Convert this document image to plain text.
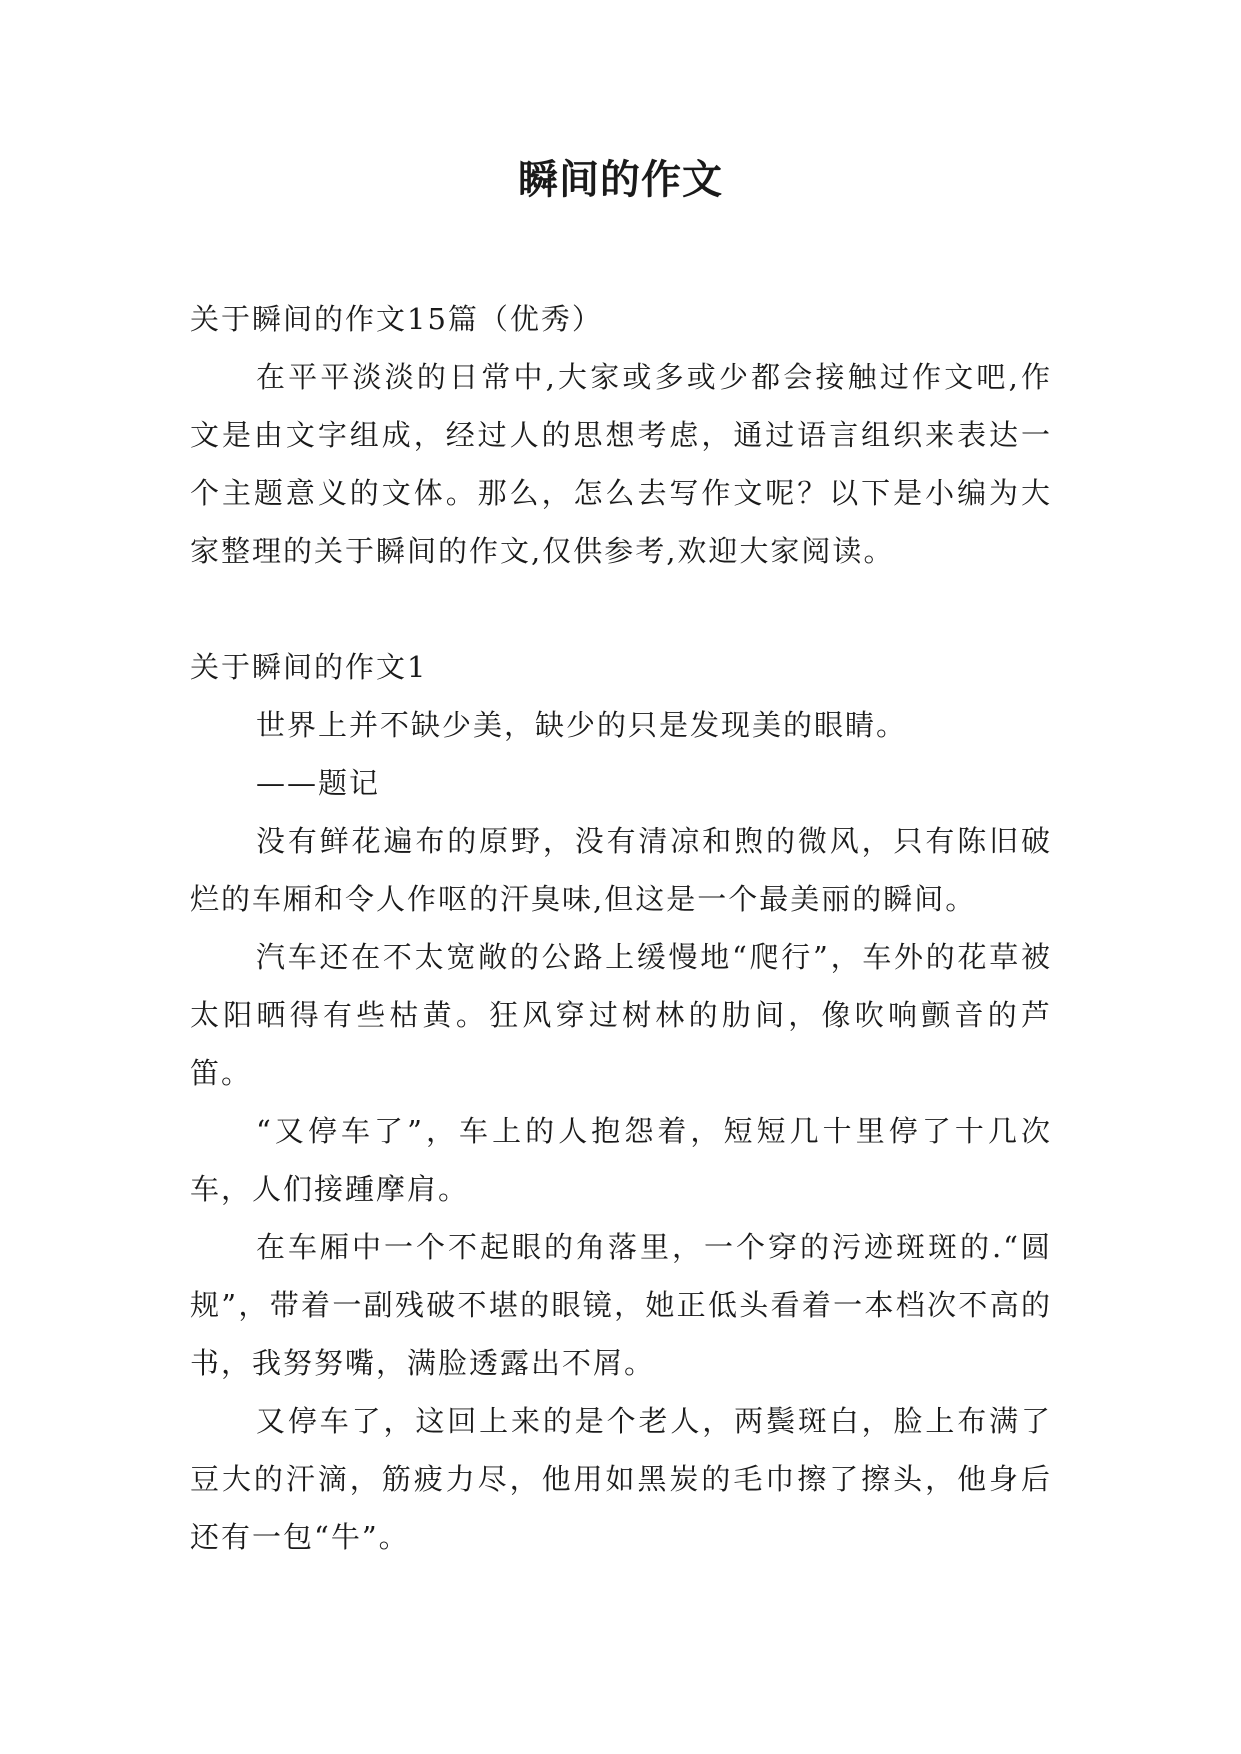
瞬间的作文

关于瞬间的作文15篇（优秀）

在平平淡淡的日常中,大家或多或少都会接触过作文吧,作文是由文字组成，经过人的思想考虑，通过语言组织来表达一个主题意义的文体。那么，怎么去写作文呢？以下是小编为大家整理的关于瞬间的作文,仅供参考,欢迎大家阅读。

关于瞬间的作文1

世界上并不缺少美，缺少的只是发现美的眼睛。

——题记

没有鲜花遍布的原野，没有清凉和煦的微风，只有陈旧破烂的车厢和令人作呕的汗臭味,但这是一个最美丽的瞬间。

汽车还在不太宽敞的公路上缓慢地“爬行”，车外的花草被太阳晒得有些枯黄。狂风穿过树林的肋间，像吹响颤音的芦笛。

“又停车了”，车上的人抱怨着，短短几十里停了十几次车，人们接踵摩肩。

在车厢中一个不起眼的角落里，一个穿的污迹斑斑的.“圆规”，带着一副残破不堪的眼镜，她正低头看着一本档次不高的书，我努努嘴，满脸透露出不屑。

又停车了，这回上来的是个老人，两鬓斑白，脸上布满了豆大的汗滴，筋疲力尽，他用如黑炭的毛巾擦了擦头，他身后还有一包“牛”。
